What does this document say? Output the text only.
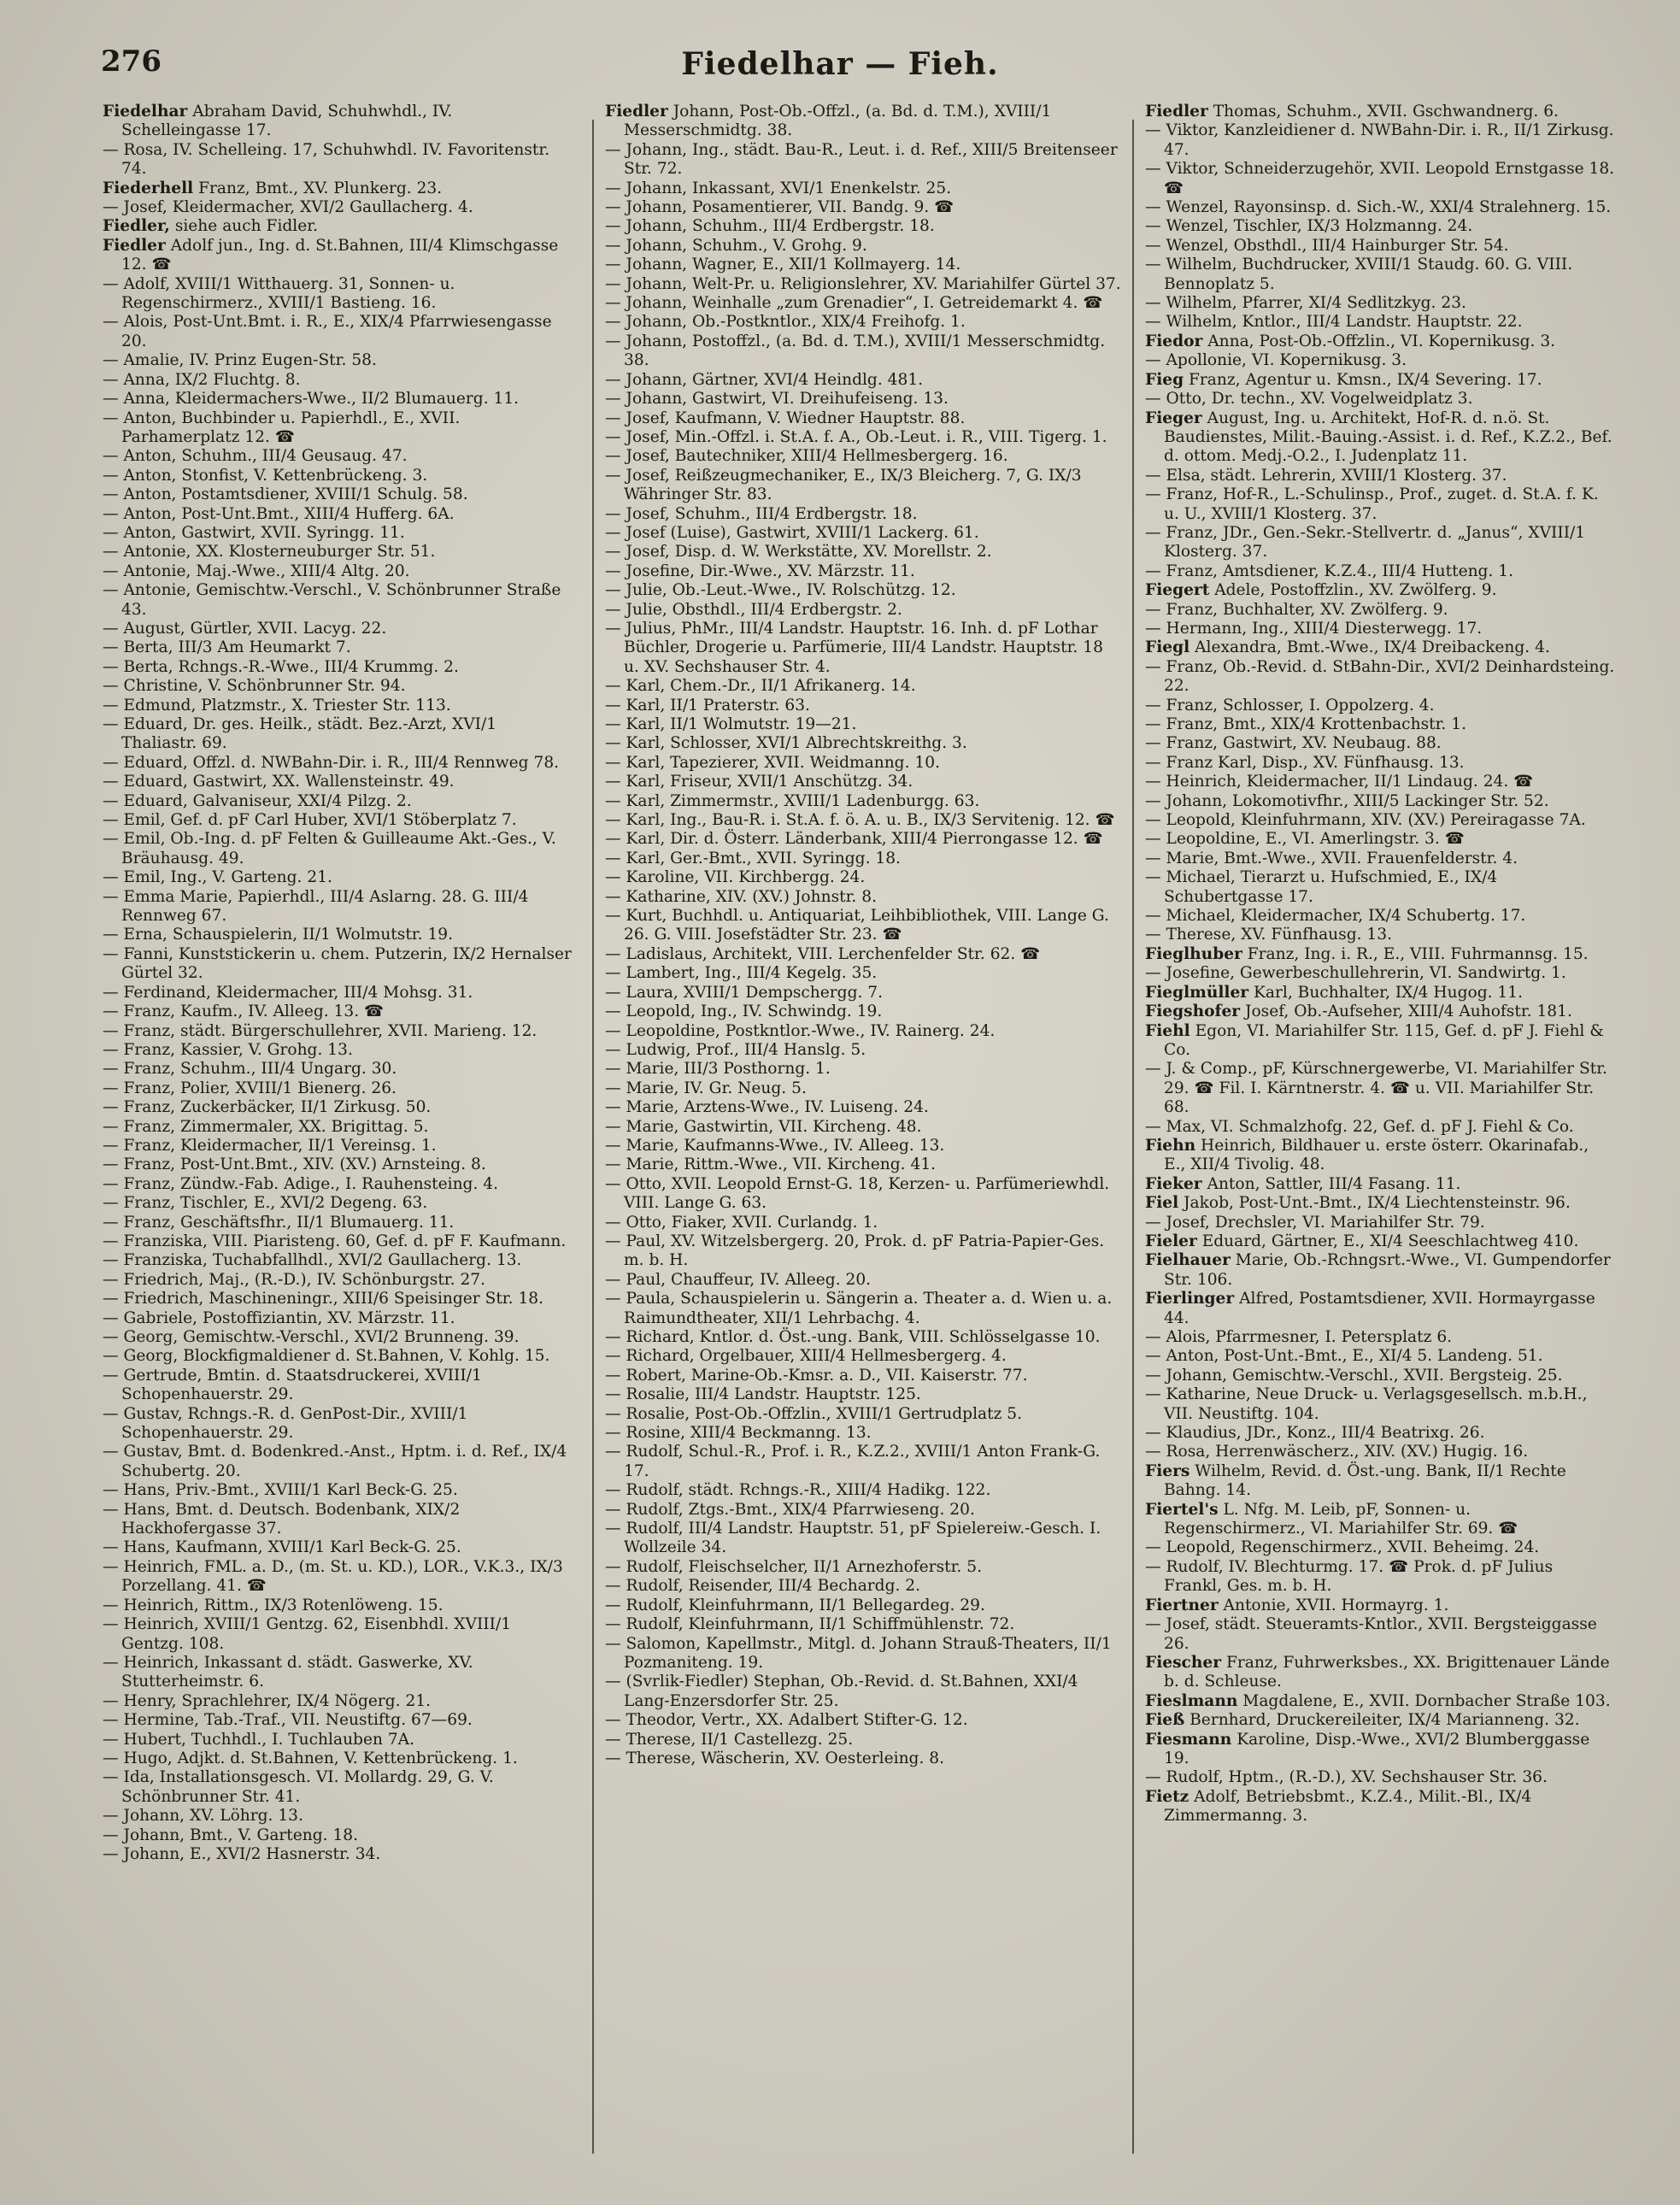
276	Fiedelhar — Fieh.
Fiedelhar Abraham David, Schuhwhdl., IV. Schelleingasse 17.
— Rosa, IV. Schelleing. 17, Schuhwhdl. IV. Favoritenstr. 74.
Fiederhell Franz, Bmt., XV. Plunkerg. 23.
— Josef, Kleidermacher, XVI/2 Gaullacherg. 4.
Fiedler, siehe auch Fidler.
Fiedler Adolf jun., Ing. d. St.Bahnen, III/4 Klimschgasse 12. ☎
— Adolf, XVIII/1 Witthauerg. 31, Sonnen- u. Regenschirmerz., XVIII/1 Bastieng. 16.
— Alois, Post-Unt.Bmt. i. R., E., XIX/4 Pfarrwiesengasse 20.
— Amalie, IV. Prinz Eugen-Str. 58.
— Anna, IX/2 Fluchtg. 8.
— Anna, Kleidermachers-Wwe., II/2 Blumauerg. 11.
— Anton, Buchbinder u. Papierhdl., E., XVII. Parhamerplatz 12. ☎
— Anton, Schuhm., III/4 Geusaug. 47.
— Anton, Stonfist, V. Kettenbrückeng. 3.
— Anton, Postamtsdiener, XVIII/1 Schulg. 58.
— Anton, Post-Unt.Bmt., XIII/4 Hufferg. 6A.
— Anton, Gastwirt, XVII. Syringg. 11.
— Antonie, XX. Klosterneuburger Str. 51.
— Antonie, Maj.-Wwe., XIII/4 Altg. 20.
— Antonie, Gemischtw.-Verschl., V. Schönbrunner Straße 43.
— August, Gürtler, XVII. Lacyg. 22.
— Berta, III/3 Am Heumarkt 7.
— Berta, Rchngs.-R.-Wwe., III/4 Krummg. 2.
— Christine, V. Schönbrunner Str. 94.
— Edmund, Platzmstr., X. Triester Str. 113.
— Eduard, Dr. ges. Heilk., städt. Bez.-Arzt, XVI/1 Thaliastr. 69.
— Eduard, Offzl. d. NWBahn-Dir. i. R., III/4 Rennweg 78.
— Eduard, Gastwirt, XX. Wallensteinstr. 49.
— Eduard, Galvaniseur, XXI/4 Pilzg. 2.
— Emil, Gef. d. pF Carl Huber, XVI/1 Stöberplatz 7.
— Emil, Ob.-Ing. d. pF Felten & Guilleaume Akt.-Ges., V. Bräuhausg. 49.
— Emil, Ing., V. Garteng. 21.
— Emma Marie, Papierhdl., III/4 Aslarng. 28. G. III/4 Rennweg 67.
— Erna, Schauspielerin, II/1 Wolmutstr. 19.
— Fanni, Kunststickerin u. chem. Putzerin, IX/2 Hernalser Gürtel 32.
— Ferdinand, Kleidermacher, III/4 Mohsg. 31.
— Franz, Kaufm., IV. Alleeg. 13. ☎
— Franz, städt. Bürgerschullehrer, XVII. Marieng. 12.
— Franz, Kassier, V. Grohg. 13.
— Franz, Schuhm., III/4 Ungarg. 30.
— Franz, Polier, XVIII/1 Bienerg. 26.
— Franz, Zuckerbäcker, II/1 Zirkusg. 50.
— Franz, Zimmermaler, XX. Brigittag. 5.
— Franz, Kleidermacher, II/1 Vereinsg. 1.
— Franz, Post-Unt.Bmt., XIV. (XV.) Arnsteing. 8.
— Franz, Zündw.-Fab. Adige., I. Rauhensteing. 4.
— Franz, Tischler, E., XVI/2 Degeng. 63.
— Franz, Geschäftsfhr., II/1 Blumauerg. 11.
— Franziska, VIII. Piaristeng. 60, Gef. d. pF F. Kaufmann.
— Franziska, Tuchabfallhdl., XVI/2 Gaullacherg. 13.
— Friedrich, Maj., (R.-D.), IV. Schönburgstr. 27.
— Friedrich, Maschineningr., XIII/6 Speisinger Str. 18.
— Gabriele, Postoffiziantin, XV. Märzstr. 11.
— Georg, Gemischtw.-Verschl., XVI/2 Brunneng. 39.
— Georg, Blockfigmaldiener d. St.Bahnen, V. Kohlg. 15.
— Gertrude, Bmtin. d. Staatsdruckerei, XVIII/1 Schopenhauerstr. 29.
— Gustav, Rchngs.-R. d. GenPost-Dir., XVIII/1 Schopenhauerstr. 29.
— Gustav, Bmt. d. Bodenkred.-Anst., Hptm. i. d. Ref., IX/4 Schubertg. 20.
— Hans, Priv.-Bmt., XVIII/1 Karl Beck-G. 25.
— Hans, Bmt. d. Deutsch. Bodenbank, XIX/2 Hackhofergasse 37.
— Hans, Kaufmann, XVIII/1 Karl Beck-G. 25.
— Heinrich, FML. a. D., (m. St. u. KD.), LOR., V.K.3., IX/3 Porzellang. 41. ☎
— Heinrich, Rittm., IX/3 Rotenlöweng. 15.
— Heinrich, XVIII/1 Gentzg. 62, Eisenbhdl. XVIII/1 Gentzg. 108.
— Heinrich, Inkassant d. städt. Gaswerke, XV. Stutterheimstr. 6.
— Henry, Sprachlehrer, IX/4 Nögerg. 21.
— Hermine, Tab.-Traf., VII. Neustiftg. 67—69.
— Hubert, Tuchhdl., I. Tuchlauben 7A.
— Hugo, Adjkt. d. St.Bahnen, V. Kettenbrückeng. 1.
— Ida, Installationsgesch. VI. Mollardg. 29, G. V. Schönbrunner Str. 41.
— Johann, XV. Löhrg. 13.
— Johann, Bmt., V. Garteng. 18.
— Johann, E., XVI/2 Hasnerstr. 34.
Fiedler Johann, Post-Ob.-Offzl., (a. Bd. d. T.M.), XVIII/1 Messerschmidtg. 38.
— Johann, Ing., städt. Bau-R., Leut. i. d. Ref., XIII/5 Breitenseer Str. 72.
— Johann, Inkassant, XVI/1 Enenkelstr. 25.
— Johann, Posamentierer, VII. Bandg. 9. ☎
— Johann, Schuhm., III/4 Erdbergstr. 18.
— Johann, Schuhm., V. Grohg. 9.
— Johann, Wagner, E., XII/1 Kollmayerg. 14.
— Johann, Welt-Pr. u. Religionslehrer, XV. Mariahilfer Gürtel 37.
— Johann, Weinhalle „zum Grenadier“, I. Getreidemarkt 4. ☎
— Johann, Ob.-Postkntlor., XIX/4 Freihofg. 1.
— Johann, Postoffzl., (a. Bd. d. T.M.), XVIII/1 Messerschmidtg. 38.
— Johann, Gärtner, XVI/4 Heindlg. 481.
— Johann, Gastwirt, VI. Dreihufeiseng. 13.
— Josef, Kaufmann, V. Wiedner Hauptstr. 88.
— Josef, Min.-Offzl. i. St.A. f. A., Ob.-Leut. i. R., VIII. Tigerg. 1.
— Josef, Bautechniker, XIII/4 Hellmesbergerg. 16.
— Josef, Reißzeugmechaniker, E., IX/3 Bleicherg. 7, G. IX/3 Währinger Str. 83.
— Josef, Schuhm., III/4 Erdbergstr. 18.
— Josef (Luise), Gastwirt, XVIII/1 Lackerg. 61.
— Josef, Disp. d. W. Werkstätte, XV. Morellstr. 2.
— Josefine, Dir.-Wwe., XV. Märzstr. 11.
— Julie, Ob.-Leut.-Wwe., IV. Rolschützg. 12.
— Julie, Obsthdl., III/4 Erdbergstr. 2.
— Julius, PhMr., III/4 Landstr. Hauptstr. 16. Inh. d. pF Lothar Büchler, Drogerie u. Parfümerie, III/4 Landstr. Hauptstr. 18 u. XV. Sechshauser Str. 4.
— Karl, Chem.-Dr., II/1 Afrikanerg. 14.
— Karl, II/1 Praterstr. 63.
— Karl, II/1 Wolmutstr. 19—21.
— Karl, Schlosser, XVI/1 Albrechtskreithg. 3.
— Karl, Tapezierer, XVII. Weidmanng. 10.
— Karl, Friseur, XVII/1 Anschützg. 34.
— Karl, Zimmermstr., XVIII/1 Ladenburgg. 63.
— Karl, Ing., Bau-R. i. St.A. f. ö. A. u. B., IX/3 Servitenig. 12. ☎
— Karl, Dir. d. Österr. Länderbank, XIII/4 Pierrongasse 12. ☎
— Karl, Ger.-Bmt., XVII. Syringg. 18.
— Karoline, VII. Kirchbergg. 24.
— Katharine, XIV. (XV.) Johnstr. 8.
— Kurt, Buchhdl. u. Antiquariat, Leihbibliothek, VIII. Lange G. 26. G. VIII. Josefstädter Str. 23. ☎
— Ladislaus, Architekt, VIII. Lerchenfelder Str. 62. ☎
— Lambert, Ing., III/4 Kegelg. 35.
— Laura, XVIII/1 Dempschergg. 7.
— Leopold, Ing., IV. Schwindg. 19.
— Leopoldine, Postkntlor.-Wwe., IV. Rainerg. 24.
— Ludwig, Prof., III/4 Hanslg. 5.
— Marie, III/3 Posthorng. 1.
— Marie, IV. Gr. Neug. 5.
— Marie, Arztens-Wwe., IV. Luiseng. 24.
— Marie, Gastwirtin, VII. Kircheng. 48.
— Marie, Kaufmanns-Wwe., IV. Alleeg. 13.
— Marie, Rittm.-Wwe., VII. Kircheng. 41.
— Otto, XVII. Leopold Ernst-G. 18, Kerzen- u. Parfümeriewhdl. VIII. Lange G. 63.
— Otto, Fiaker, XVII. Curlandg. 1.
— Paul, XV. Witzelsbergerg. 20, Prok. d. pF Patria-Papier-Ges. m. b. H.
— Paul, Chauffeur, IV. Alleeg. 20.
— Paula, Schauspielerin u. Sängerin a. Theater a. d. Wien u. a. Raimundtheater, XII/1 Lehrbachg. 4.
— Richard, Kntlor. d. Öst.-ung. Bank, VIII. Schlösselgasse 10.
— Richard, Orgelbauer, XIII/4 Hellmesbergerg. 4.
— Robert, Marine-Ob.-Kmsr. a. D., VII. Kaiserstr. 77.
— Rosalie, III/4 Landstr. Hauptstr. 125.
— Rosalie, Post-Ob.-Offzlin., XVIII/1 Gertrudplatz 5.
— Rosine, XIII/4 Beckmanng. 13.
— Rudolf, Schul.-R., Prof. i. R., K.Z.2., XVIII/1 Anton Frank-G. 17.
— Rudolf, städt. Rchngs.-R., XIII/4 Hadikg. 122.
— Rudolf, Ztgs.-Bmt., XIX/4 Pfarrwieseng. 20.
— Rudolf, III/4 Landstr. Hauptstr. 51, pF Spielereiw.-Gesch. I. Wollzeile 34.
— Rudolf, Fleischselcher, II/1 Arnezhoferstr. 5.
— Rudolf, Reisender, III/4 Bechardg. 2.
— Rudolf, Kleinfuhrmann, II/1 Bellegardeg. 29.
— Rudolf, Kleinfuhrmann, II/1 Schiffmühlenstr. 72.
— Salomon, Kapellmstr., Mitgl. d. Johann Strauß-Theaters, II/1 Pozmaniteng. 19.
— (Svrlik-Fiedler) Stephan, Ob.-Revid. d. St.Bahnen, XXI/4 Lang-Enzersdorfer Str. 25.
— Theodor, Vertr., XX. Adalbert Stifter-G. 12.
— Therese, II/1 Castellezg. 25.
— Therese, Wäscherin, XV. Oesterleing. 8.
Fiedler Thomas, Schuhm., XVII. Gschwandnerg. 6.
— Viktor, Kanzleidiener d. NWBahn-Dir. i. R., II/1 Zirkusg. 47.
— Viktor, Schneiderzugehör, XVII. Leopold Ernstgasse 18. ☎
— Wenzel, Rayonsinsp. d. Sich.-W., XXI/4 Stralehnerg. 15.
— Wenzel, Tischler, IX/3 Holzmanng. 24.
— Wenzel, Obsthdl., III/4 Hainburger Str. 54.
— Wilhelm, Buchdrucker, XVIII/1 Staudg. 60. G. VIII. Bennoplatz 5.
— Wilhelm, Pfarrer, XI/4 Sedlitzkyg. 23.
— Wilhelm, Kntlor., III/4 Landstr. Hauptstr. 22.
Fiedor Anna, Post-Ob.-Offzlin., VI. Kopernikusg. 3.
— Apollonie, VI. Kopernikusg. 3.
Fieg Franz, Agentur u. Kmsn., IX/4 Severing. 17.
— Otto, Dr. techn., XV. Vogelweidplatz 3.
Fieger August, Ing. u. Architekt, Hof-R. d. n.ö. St. Baudienstes, Milit.-Bauing.-Assist. i. d. Ref., K.Z.2., Bef. d. ottom. Medj.-O.2., I. Judenplatz 11.
— Elsa, städt. Lehrerin, XVIII/1 Klosterg. 37.
— Franz, Hof-R., L.-Schulinsp., Prof., zuget. d. St.A. f. K. u. U., XVIII/1 Klosterg. 37.
— Franz, JDr., Gen.-Sekr.-Stellvertr. d. „Janus“, XVIII/1 Klosterg. 37.
— Franz, Amtsdiener, K.Z.4., III/4 Hutteng. 1.
Fiegert Adele, Postoffzlin., XV. Zwölferg. 9.
— Franz, Buchhalter, XV. Zwölferg. 9.
— Hermann, Ing., XIII/4 Diesterwegg. 17.
Fiegl Alexandra, Bmt.-Wwe., IX/4 Dreibackeng. 4.
— Franz, Ob.-Revid. d. StBahn-Dir., XVI/2 Deinhardsteing. 22.
— Franz, Schlosser, I. Oppolzerg. 4.
— Franz, Bmt., XIX/4 Krottenbachstr. 1.
— Franz, Gastwirt, XV. Neubaug. 88.
— Franz Karl, Disp., XV. Fünfhausg. 13.
— Heinrich, Kleidermacher, II/1 Lindaug. 24. ☎
— Johann, Lokomotivfhr., XIII/5 Lackinger Str. 52.
— Leopold, Kleinfuhrmann, XIV. (XV.) Pereiragasse 7A.
— Leopoldine, E., VI. Amerlingstr. 3. ☎
— Marie, Bmt.-Wwe., XVII. Frauenfelderstr. 4.
— Michael, Tierarzt u. Hufschmied, E., IX/4 Schubertgasse 17.
— Michael, Kleidermacher, IX/4 Schubertg. 17.
— Therese, XV. Fünfhausg. 13.
Fieglhuber Franz, Ing. i. R., E., VIII. Fuhrmannsg. 15.
— Josefine, Gewerbeschullehrerin, VI. Sandwirtg. 1.
Fieglmüller Karl, Buchhalter, IX/4 Hugog. 11.
Fiegshofer Josef, Ob.-Aufseher, XIII/4 Auhofstr. 181.
Fiehl Egon, VI. Mariahilfer Str. 115, Gef. d. pF J. Fiehl & Co.
— J. & Comp., pF, Kürschnergewerbe, VI. Mariahilfer Str. 29. ☎ Fil. I. Kärntnerstr. 4. ☎ u. VII. Mariahilfer Str. 68.
— Max, VI. Schmalzhofg. 22, Gef. d. pF J. Fiehl & Co.
Fiehn Heinrich, Bildhauer u. erste österr. Okarinafab., E., XII/4 Tivolig. 48.
Fieker Anton, Sattler, III/4 Fasang. 11.
Fiel Jakob, Post-Unt.-Bmt., IX/4 Liechtensteinstr. 96.
— Josef, Drechsler, VI. Mariahilfer Str. 79.
Fieler Eduard, Gärtner, E., XI/4 Seeschlachtweg 410.
Fielhauer Marie, Ob.-Rchngsrt.-Wwe., VI. Gumpendorfer Str. 106.
Fierlinger Alfred, Postamtsdiener, XVII. Hormayrgasse 44.
— Alois, Pfarrmesner, I. Petersplatz 6.
— Anton, Post-Unt.-Bmt., E., XI/4 5. Landeng. 51.
— Johann, Gemischtw.-Verschl., XVII. Bergsteig. 25.
— Katharine, Neue Druck- u. Verlagsgesellsch. m.b.H., VII. Neustiftg. 104.
— Klaudius, JDr., Konz., III/4 Beatrixg. 26.
— Rosa, Herrenwäscherz., XIV. (XV.) Hugig. 16.
Fiers Wilhelm, Revid. d. Öst.-ung. Bank, II/1 Rechte Bahng. 14.
Fiertel's L. Nfg. M. Leib, pF, Sonnen- u. Regenschirmerz., VI. Mariahilfer Str. 69. ☎
— Leopold, Regenschirmerz., XVII. Beheimg. 24.
— Rudolf, IV. Blechturmg. 17. ☎ Prok. d. pF Julius Frankl, Ges. m. b. H.
Fiertner Antonie, XVII. Hormayrg. 1.
— Josef, städt. Steueramts-Kntlor., XVII. Bergsteiggasse 26.
Fiescher Franz, Fuhrwerksbes., XX. Brigittenauer Lände b. d. Schleuse.
Fieslmann Magdalene, E., XVII. Dornbacher Straße 103.
Fieß Bernhard, Druckereileiter, IX/4 Marianneng. 32.
Fiesmann Karoline, Disp.-Wwe., XVI/2 Blumberggasse 19.
— Rudolf, Hptm., (R.-D.), XV. Sechshauser Str. 36.
Fietz Adolf, Betriebsbmt., K.Z.4., Milit.-Bl., IX/4 Zimmermanng. 3.
